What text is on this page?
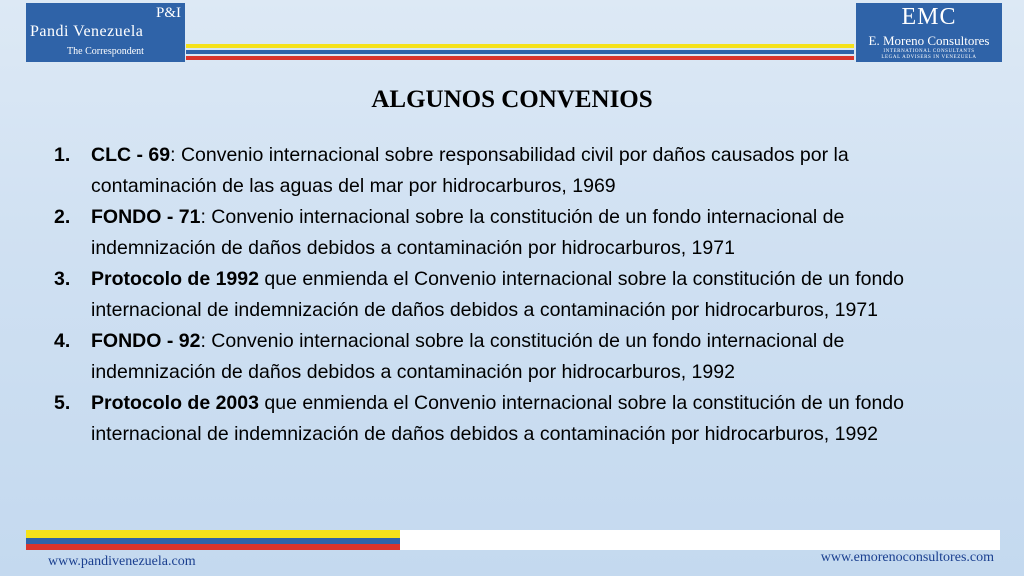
P&I
Pandi Venezuela
The Correspondent
EMC
E. Moreno Consultores
INTERNATIONAL CONSULTANTS
LEGAL ADVISERS IN VENEZUELA
ALGUNOS CONVENIOS
1. CLC - 69: Convenio internacional sobre responsabilidad civil por daños causados por la contaminación de las aguas del mar por hidrocarburos, 1969
2. FONDO - 71: Convenio internacional sobre la constitución de un fondo internacional de indemnización de daños debidos a contaminación por hidrocarburos, 1971
3. Protocolo de 1992 que enmienda el Convenio internacional sobre la constitución de un fondo internacional de indemnización de daños debidos a contaminación por hidrocarburos, 1971
4. FONDO - 92: Convenio internacional sobre la constitución de un fondo internacional de indemnización de daños debidos a contaminación por hidrocarburos, 1992
5. Protocolo de 2003 que enmienda el Convenio internacional sobre la constitución de un fondo internacional de indemnización de daños debidos a contaminación por hidrocarburos, 1992
www.pandivenezuela.com	www.emorenoconsultores.com
